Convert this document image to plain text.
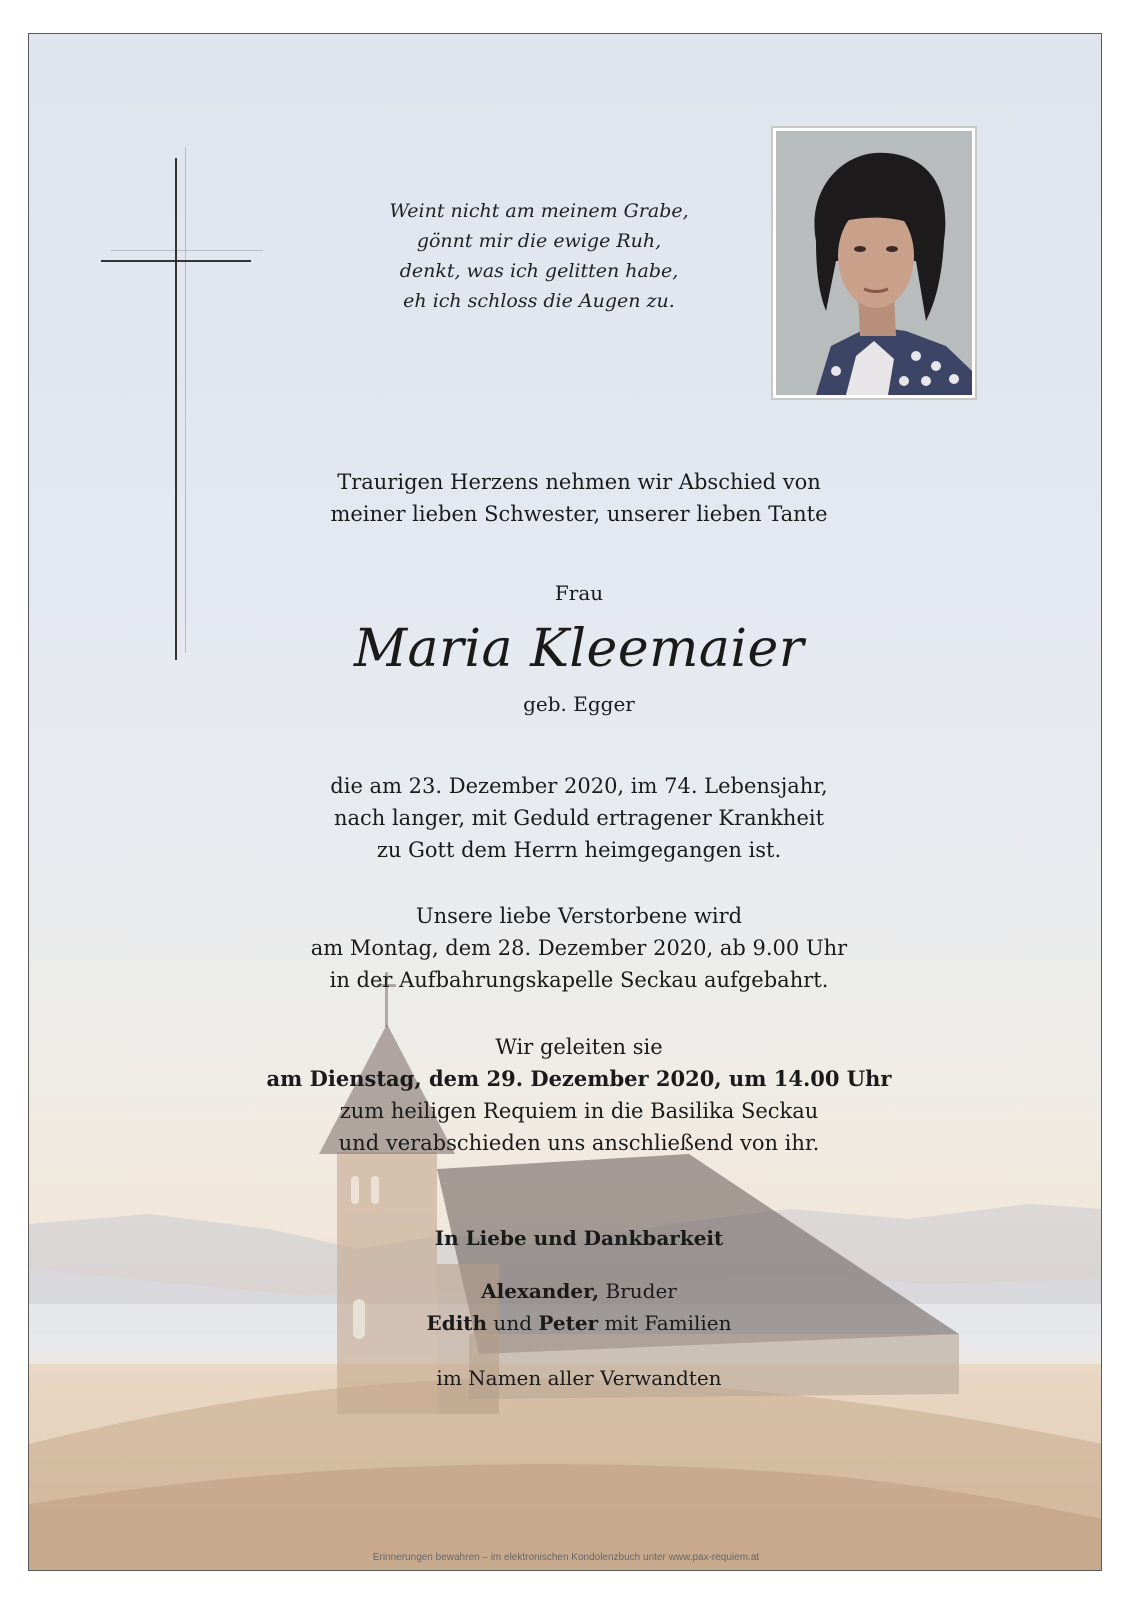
Weint nicht am meinem Grabe,
gönnt mir die ewige Ruh,
denkt, was ich gelitten habe,
eh ich schloss die Augen zu.
Traurigen Herzens nehmen wir Abschied von
meiner lieben Schwester, unserer lieben Tante
Frau
Maria Kleemaier
geb. Egger
die am 23. Dezember 2020, im 74. Lebensjahr,
nach langer, mit Geduld ertragener Krankheit
zu Gott dem Herrn heimgegangen ist.
Unsere liebe Verstorbene wird
am Montag, dem 28. Dezember 2020, ab 9.00 Uhr
in der Aufbahrungskapelle Seckau aufgebahrt.
Wir geleiten sie
am Dienstag, dem 29. Dezember 2020, um 14.00 Uhr
zum heiligen Requiem in die Basilika Seckau
und verabschieden uns anschließend von ihr.
In Liebe und Dankbarkeit
Alexander, Bruder
Edith und Peter mit Familien
im Namen aller Verwandten
Erinnerungen bewahren – im elektronischen Kondolenzbuch unter www.pax-requiem.at
